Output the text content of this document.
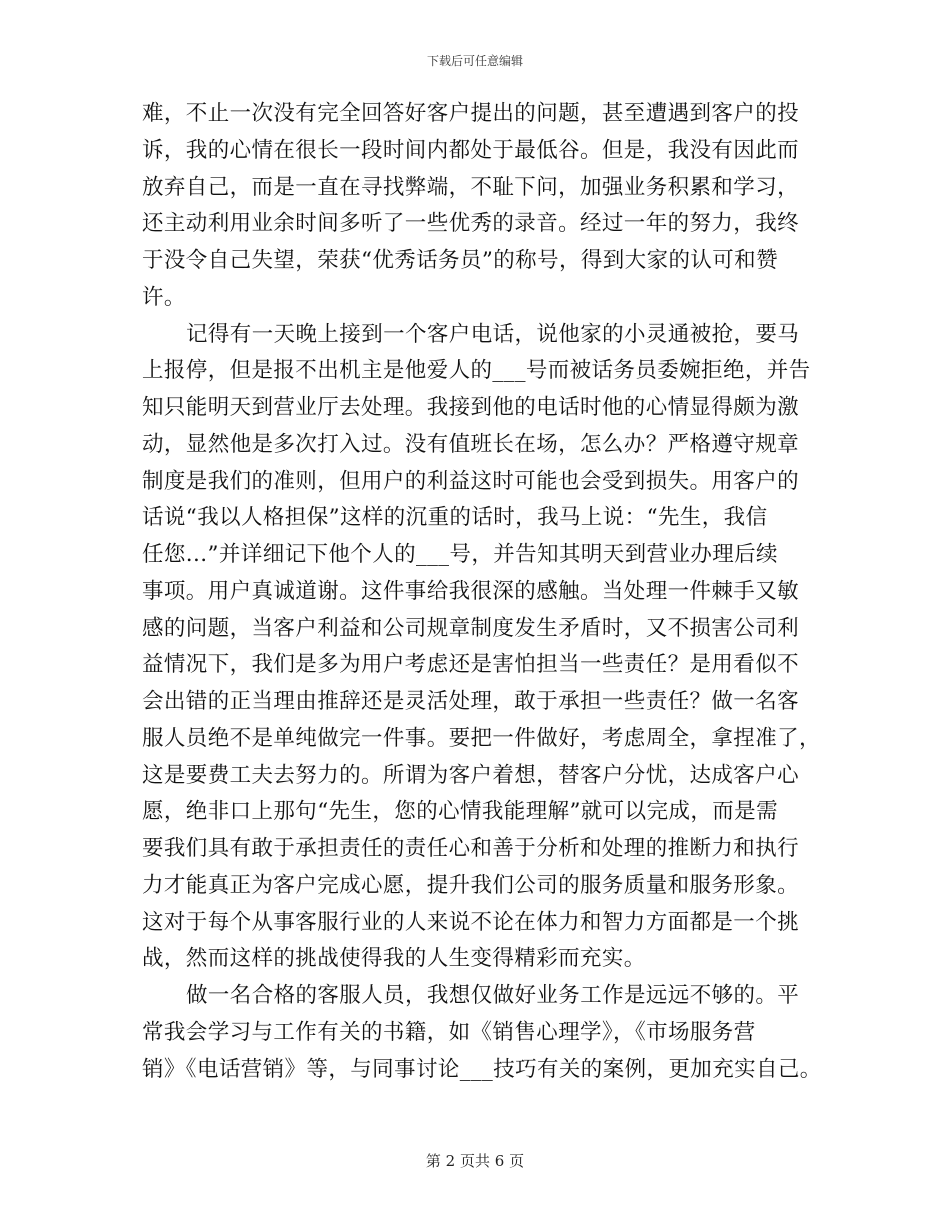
下载后可任意编辑
难，不止一次没有完全回答好客户提出的问题，甚至遭遇到客户的投
诉，我的心情在很长一段时间内都处于最低谷。但是，我没有因此而
放弃自己，而是一直在寻找弊端，不耻下问，加强业务积累和学习，
还主动利用业余时间多听了一些优秀的录音。经过一年的努力，我终
于没令自己失望，荣获“优秀话务员”的称号，得到大家的认可和赞
许。
记得有一天晚上接到一个客户电话，说他家的小灵通被抢，要马
上报停，但是报不出机主是他爱人的___号而被话务员委婉拒绝，并告
知只能明天到营业厅去处理。我接到他的电话时他的心情显得颇为激
动，显然他是多次打入过。没有值班长在场，怎么办？严格遵守规章
制度是我们的准则，但用户的利益这时可能也会受到损失。用客户的
话说“我以人格担保”这样的沉重的话时，我马上说：“先生，我信
任您...”并详细记下他个人的___号，并告知其明天到营业办理后续
事项。用户真诚道谢。这件事给我很深的感触。当处理一件棘手又敏
感的问题，当客户利益和公司规章制度发生矛盾时，又不损害公司利
益情况下，我们是多为用户考虑还是害怕担当一些责任？是用看似不
会出错的正当理由推辞还是灵活处理，敢于承担一些责任？做一名客
服人员绝不是单纯做完一件事。要把一件做好，考虑周全，拿捏准了，
这是要费工夫去努力的。所谓为客户着想，替客户分忧，达成客户心
愿，绝非口上那句“先生，您的心情我能理解”就可以完成，而是需
要我们具有敢于承担责任的责任心和善于分析和处理的推断力和执行
力才能真正为客户完成心愿，提升我们公司的服务质量和服务形象。
这对于每个从事客服行业的人来说不论在体力和智力方面都是一个挑
战，然而这样的挑战使得我的人生变得精彩而充实。
做一名合格的客服人员，我想仅做好业务工作是远远不够的。平
常我会学习与工作有关的书籍，如《销售心理学》，《市场服务营
销》《电话营销》等，与同事讨论___技巧有关的案例，更加充实自己。
第 2 页共 6 页
